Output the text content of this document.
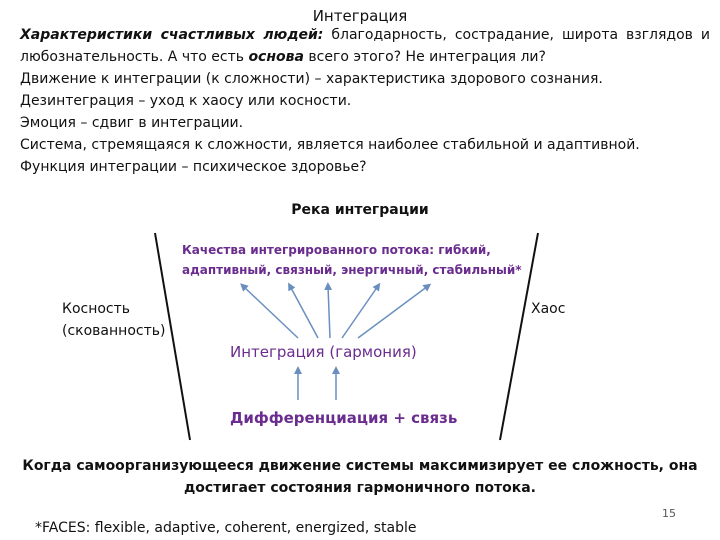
Интеграция
Характеристики счастливых людей: благодарность, сострадание, широта взглядов и любознательность. А что есть основа всего этого? Не интеграция ли?
Движение к интеграции (к сложности) – характеристика здорового сознания.
Дезинтеграция – уход к хаосу или косности.
Эмоция – сдвиг в интеграции.
Система, стремящаяся к сложности, является наиболее стабильной и адаптивной.
Функция интеграции – психическое здоровье?
Река интеграции
Качества интегрированного потока: гибкий,
адаптивный, связный, энергичный, стабильный*
Косность
(скованность)
Хаос
Интеграция (гармония)
Дифференциация + связь
Когда самоорганизующееся движение системы максимизирует ее сложность, она
достигает состояния гармоничного потока.
15
*FACES: flexible, adaptive, coherent, energized, stable
